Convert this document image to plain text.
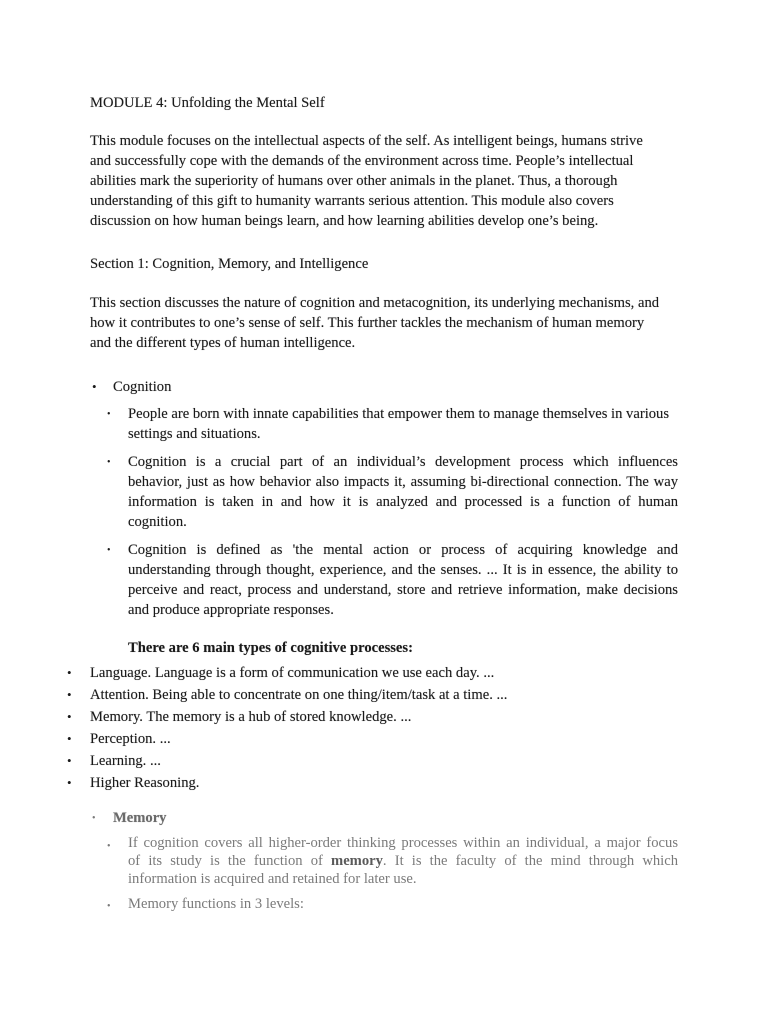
MODULE 4: Unfolding the Mental Self
This module focuses on the intellectual aspects of the self. As intelligent beings, humans strive
and successfully cope with the demands of the environment across time. People’s intellectual
abilities mark the superiority of humans over other animals in the planet. Thus, a thorough
understanding of this gift to humanity warrants serious attention. This module also covers
discussion on how human beings learn, and how learning abilities develop one’s being.
Section 1: Cognition, Memory, and Intelligence
This section discusses the nature of cognition and metacognition, its underlying mechanisms, and
how it contributes to one’s sense of self. This further tackles the mechanism of human memory
and the different types of human intelligence.
• Cognition
• People are born with innate capabilities that empower them to manage themselves in various
settings and situations.
• Cognition is a crucial part of an individual’s development process which influences
behavior, just as how behavior also impacts it, assuming bi-directional connection. The way
information is taken in and how it is analyzed and processed is a function of human
cognition.
• Cognition is defined as 'the mental action or process of acquiring knowledge and
understanding through thought, experience, and the senses. ... It is in essence, the ability to
perceive and react, process and understand, store and retrieve information, make decisions
and produce appropriate responses.
There are 6 main types of cognitive processes:
• Language. Language is a form of communication we use each day. ...
• Attention. Being able to concentrate on one thing/item/task at a time. ...
• Memory. The memory is a hub of stored knowledge. ...
• Perception. ...
• Learning. ...
• Higher Reasoning.
• Memory
• If cognition covers all higher-order thinking processes within an individual, a major focus
of its study is the function of memory. It is the faculty of the mind through which
information is acquired and retained for later use.
• Memory functions in 3 levels:
